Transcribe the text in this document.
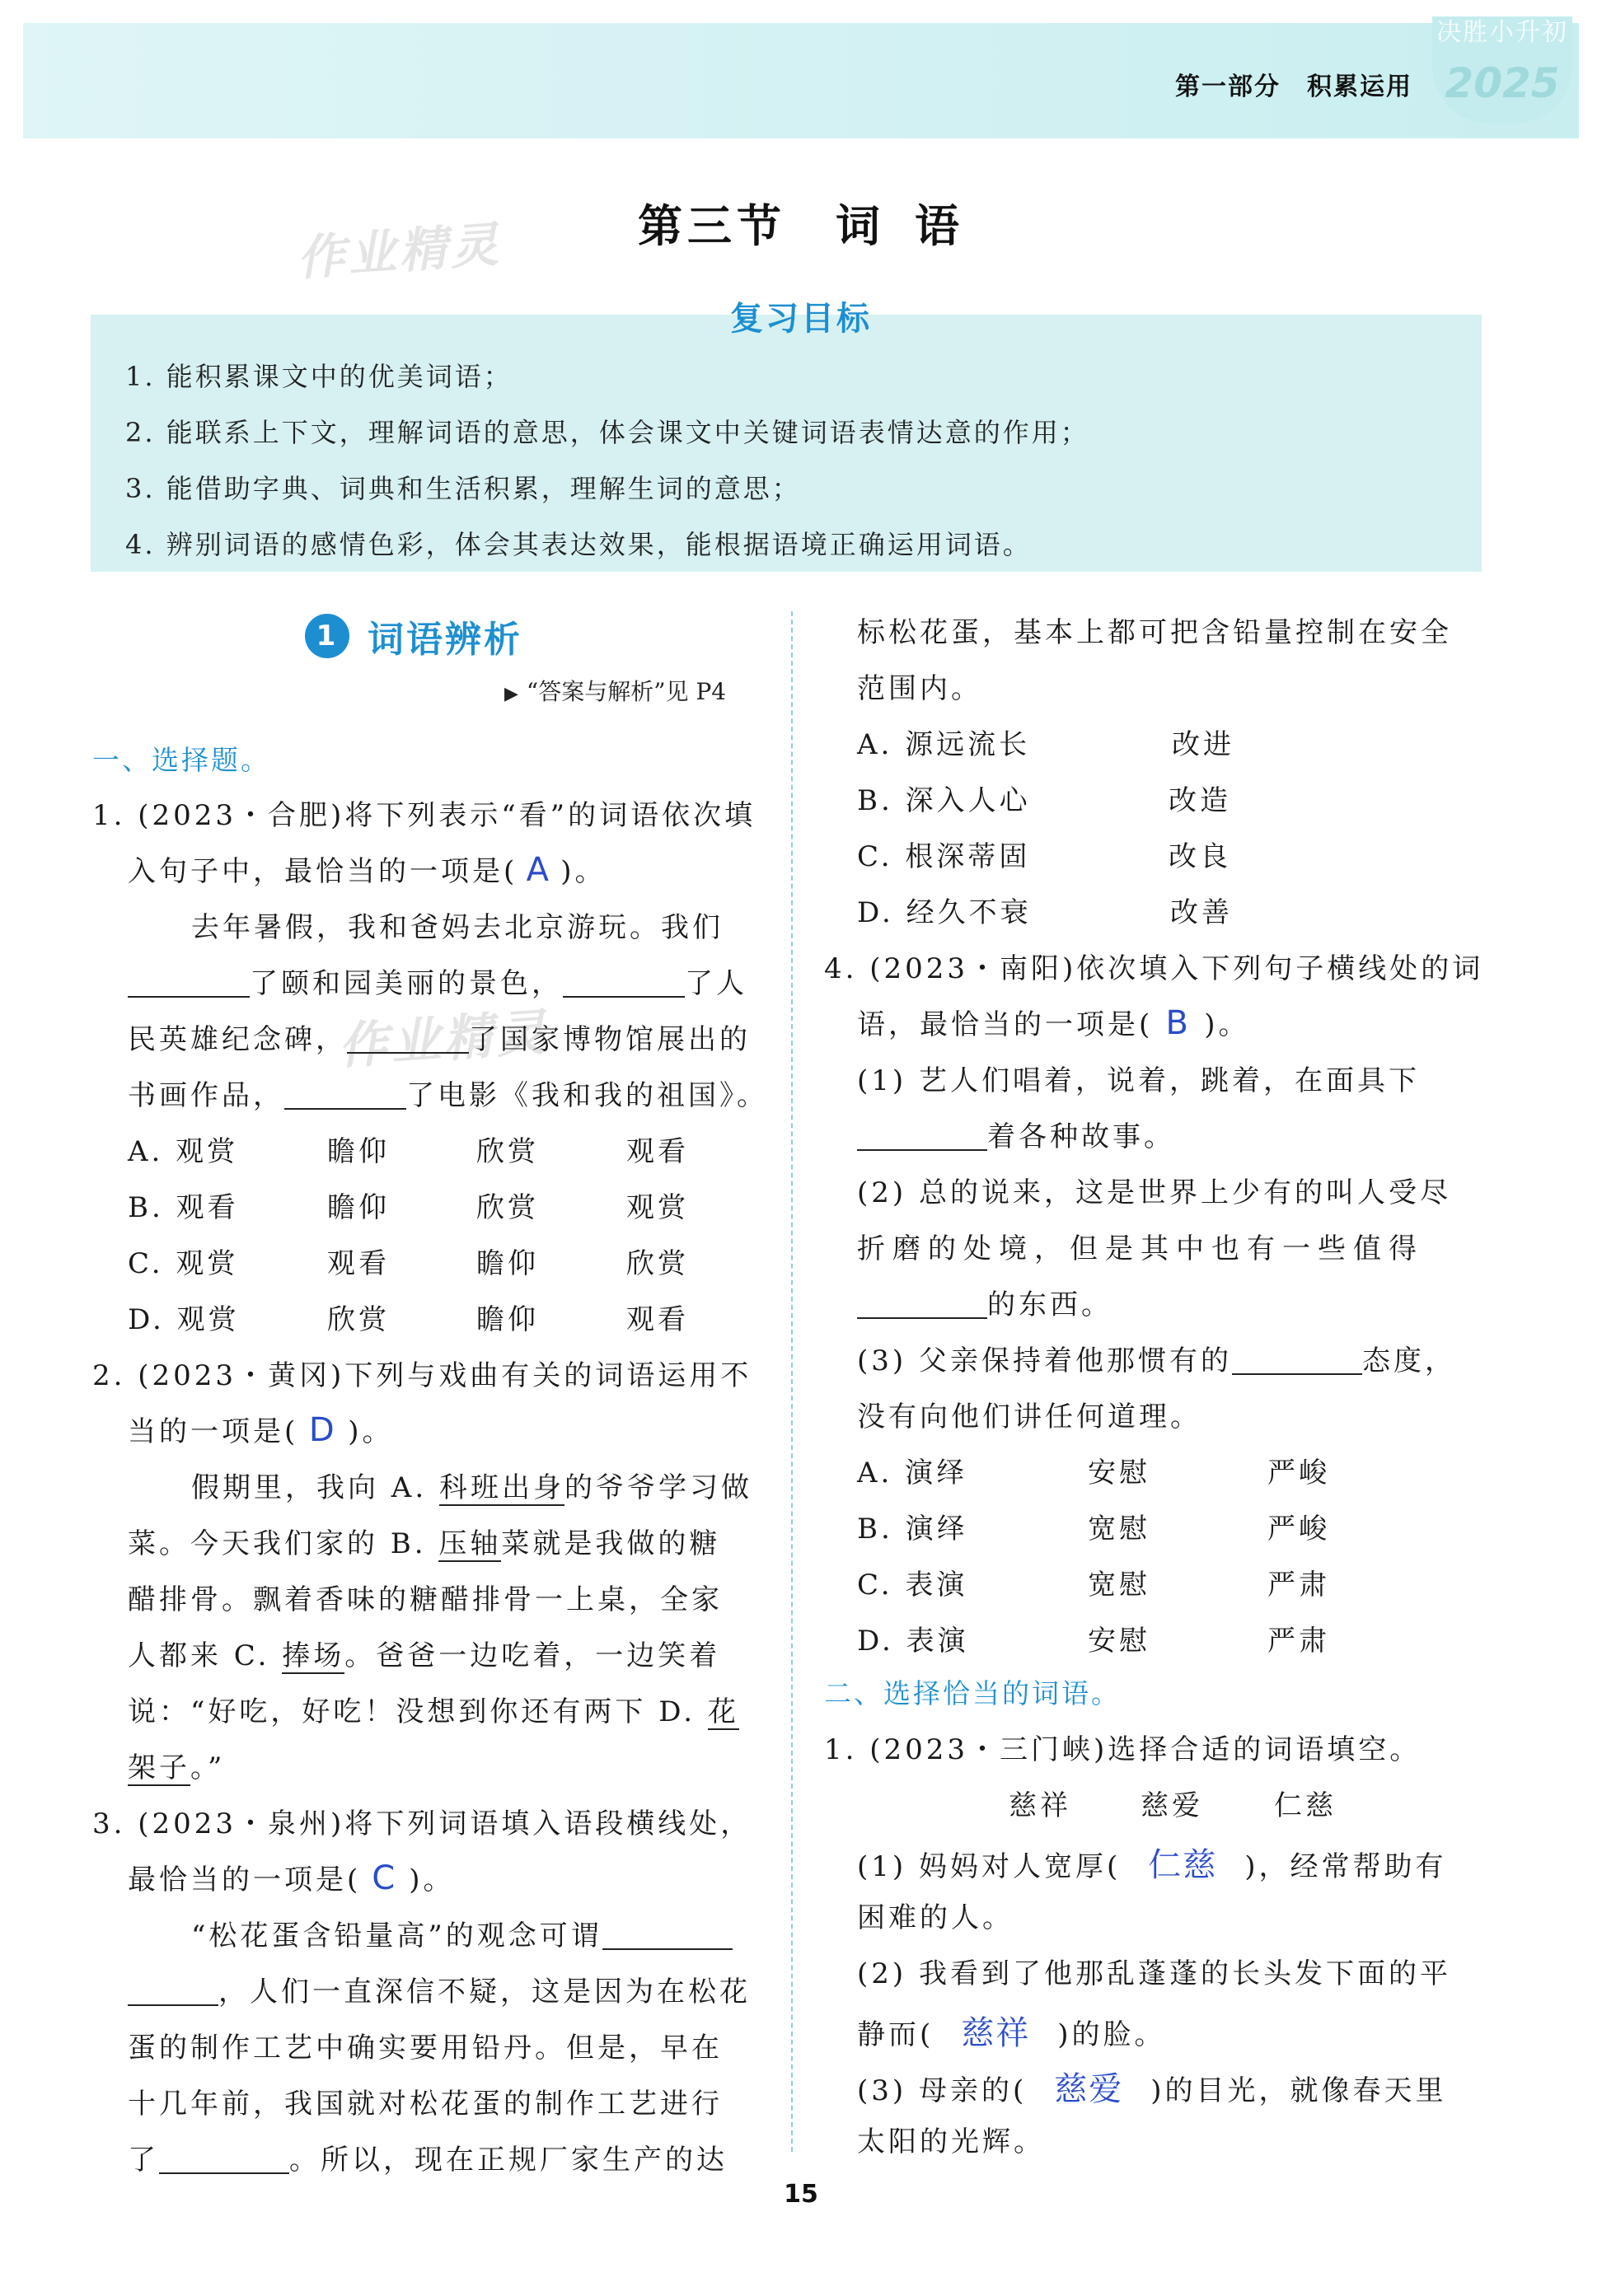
第一部分　积累运用
决胜小升初
2025
作业精灵
作业精灵
第三节 词 语
复习目标
1. 能积累课文中的优美词语；
2. 能联系上下文，理解词语的意思，体会课文中关键词语表情达意的作用；
3. 能借助字典、词典和生活积累，理解生词的意思；
4. 辨别词语的感情色彩，体会其表达效果，能根据语境正确运用词语。
1 词语辨析
▶ “答案与解析”见 P4
一、选择题。
1. (2023・合肥)将下列表示“看”的词语依次填
入句子中，最恰当的一项是( A )。
去年暑假，我和爸妈去北京游玩。我们
了颐和园美丽的景色，	了人
民英雄纪念碑，	了国家博物馆展出的
书画作品，	了电影《我和我的祖国》。
A. 观赏	瞻仰	欣赏	观看
B. 观看	瞻仰	欣赏	观赏
C. 观赏	观看	瞻仰	欣赏
D. 观赏	欣赏	瞻仰	观看
2. (2023・黄冈)下列与戏曲有关的词语运用不
当的一项是( D )。
假期里，我向 A. 科班出身的爷爷学习做
菜。今天我们家的 B. 压轴菜就是我做的糖
醋排骨。飘着香味的糖醋排骨一上桌，全家
人都来 C. 捧场。爸爸一边吃着，一边笑着
说：“好吃，好吃！没想到你还有两下 D. 花
架子。”
3. (2023・泉州)将下列词语填入语段横线处，
最恰当的一项是( C )。
“松花蛋含铅量高”的观念可谓
，人们一直深信不疑，这是因为在松花
蛋的制作工艺中确实要用铅丹。但是，早在
十几年前，我国就对松花蛋的制作工艺进行
了	。所以，现在正规厂家生产的达
标松花蛋，基本上都可把含铅量控制在安全
范围内。
A. 源远流长	改进
B. 深入人心	改造
C. 根深蒂固	改良
D. 经久不衰	改善
4. (2023・南阳)依次填入下列句子横线处的词
语，最恰当的一项是( B )。
(1) 艺人们唱着，说着，跳着，在面具下
着各种故事。
(2) 总的说来，这是世界上少有的叫人受尽
折磨的处境，但是其中也有一些值得
的东西。
(3) 父亲保持着他那惯有的	态度，
没有向他们讲任何道理。
A. 演绎	安慰	严峻
B. 演绎	宽慰	严峻
C. 表演	宽慰	严肃
D. 表演	安慰	严肃
二、选择恰当的词语。
1. (2023・三门峡)选择合适的词语填空。
慈祥 慈爱	仁慈
(1) 妈妈对人宽厚( 仁慈 )，经常帮助有
困难的人。
(2) 我看到了他那乱蓬蓬的长头发下面的平
静而( 慈祥 )的脸。
(3) 母亲的( 慈爱 )的目光，就像春天里
太阳的光辉。
15
